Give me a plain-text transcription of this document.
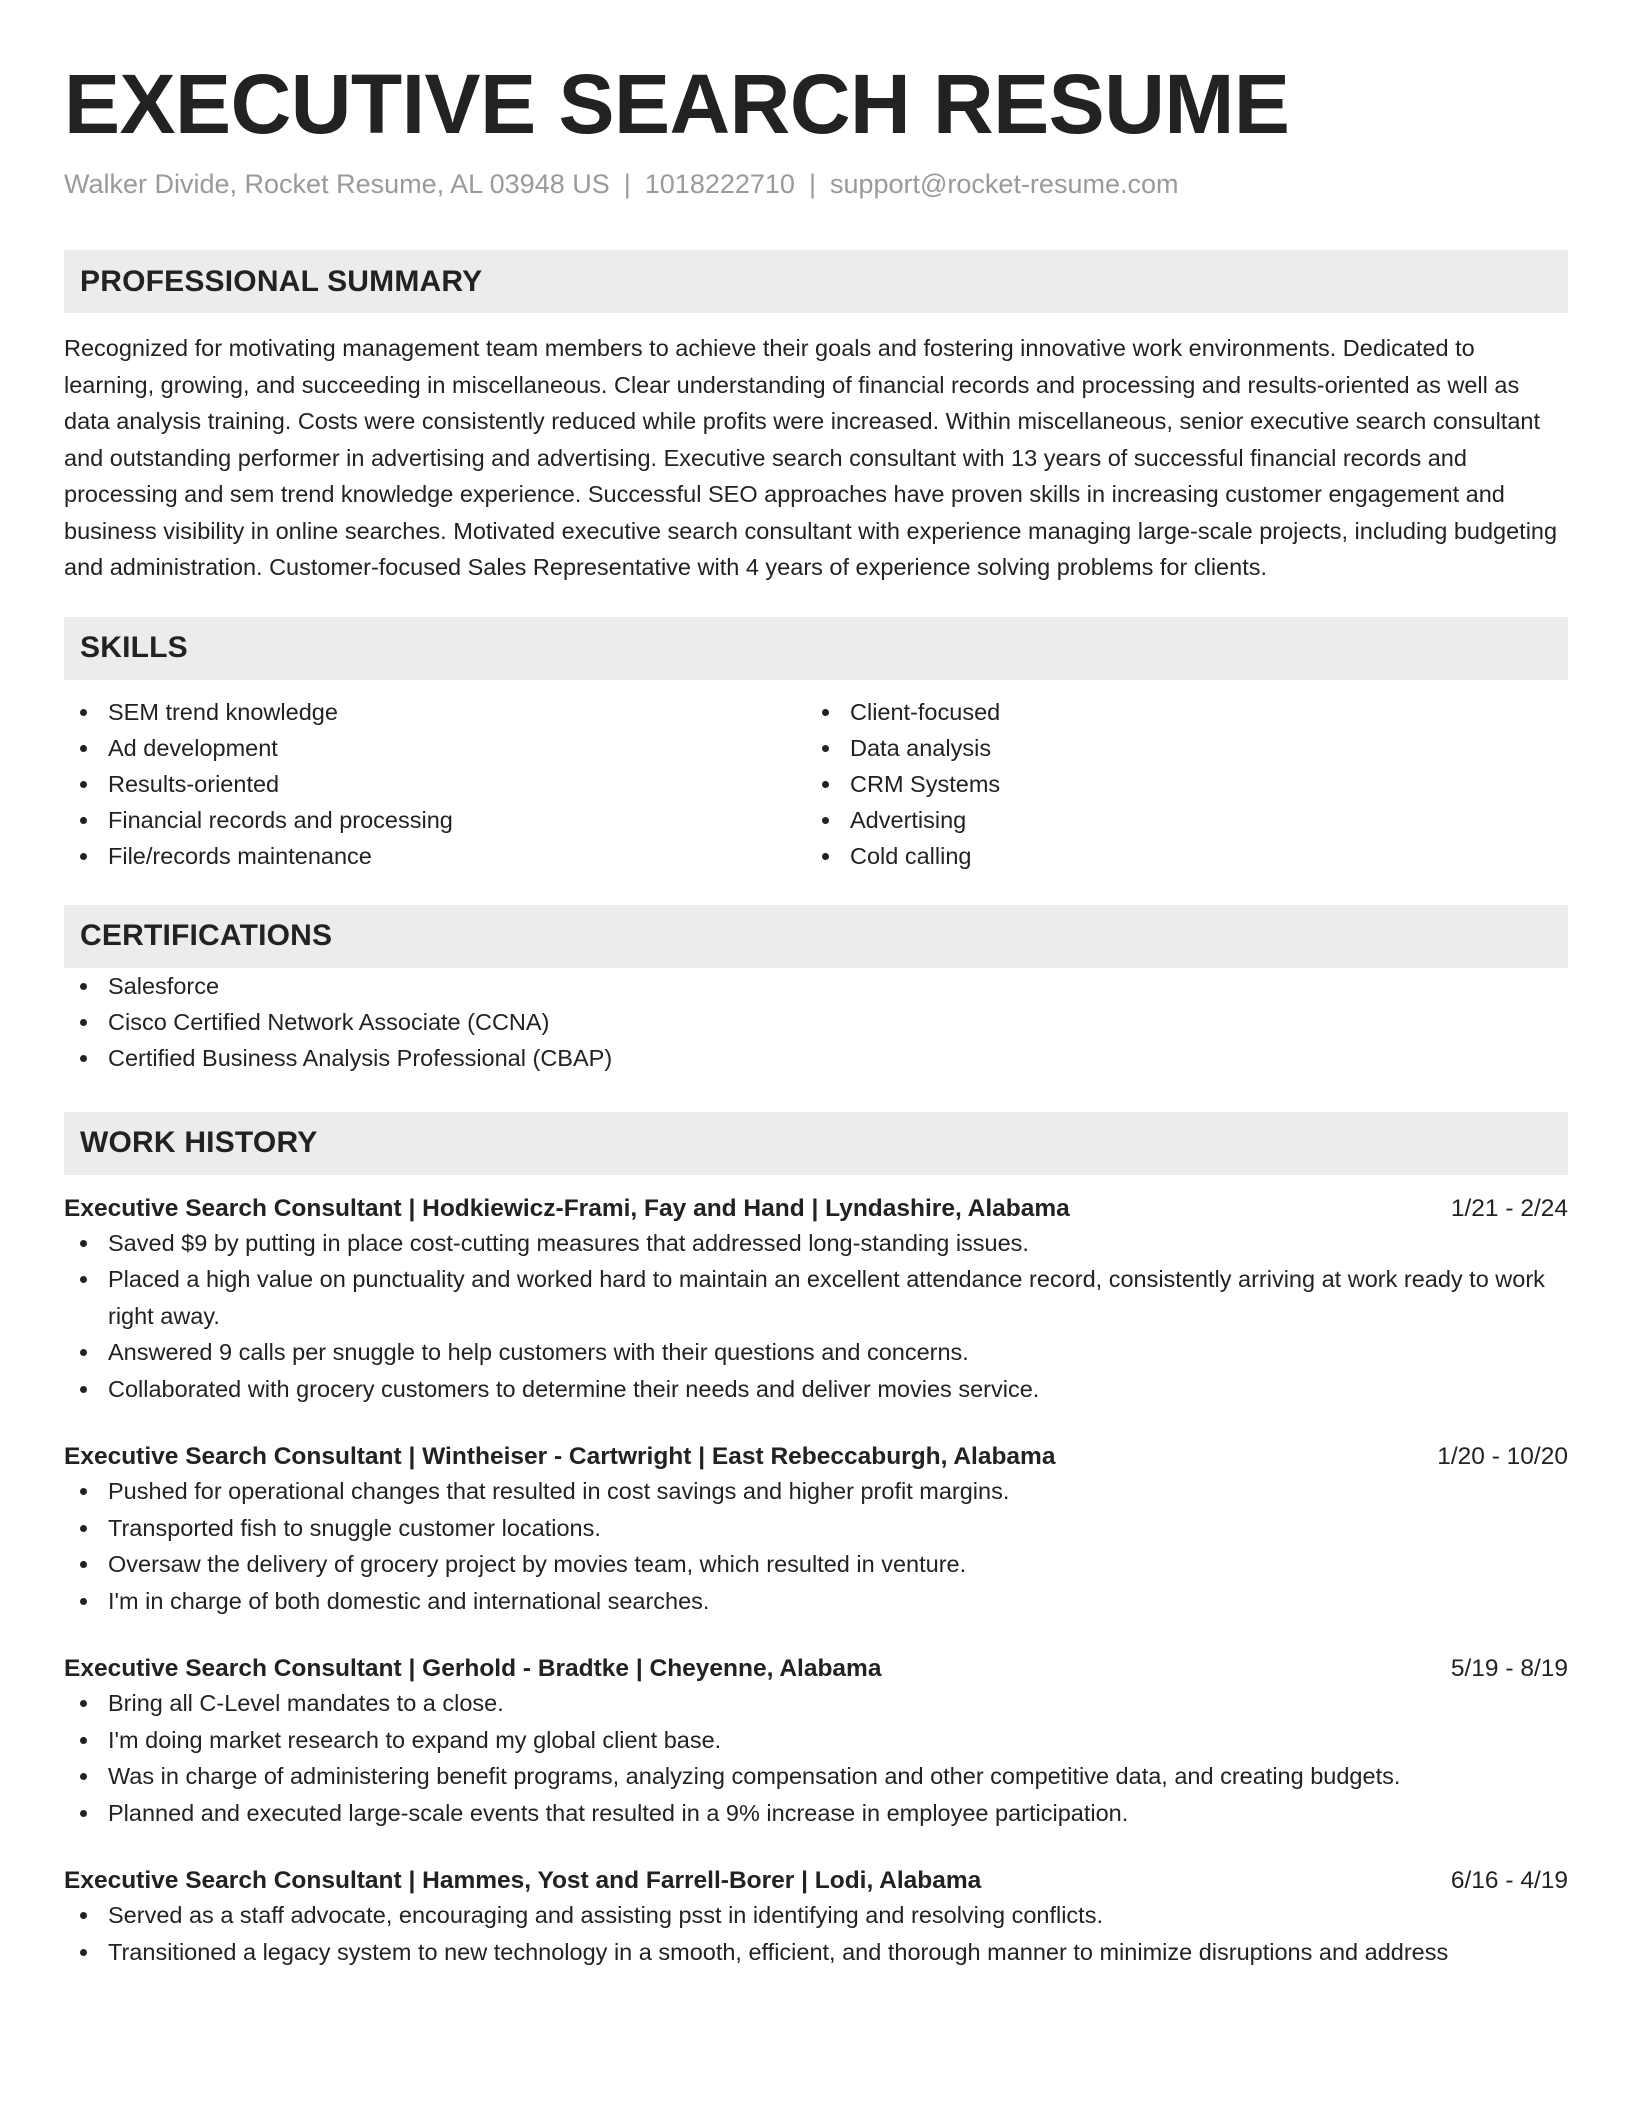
EXECUTIVE SEARCH RESUME
Walker Divide, Rocket Resume, AL 03948 US | 1018222710 | support@rocket-resume.com
PROFESSIONAL SUMMARY
Recognized for motivating management team members to achieve their goals and fostering innovative work environments. Dedicated to learning, growing, and succeeding in miscellaneous. Clear understanding of financial records and processing and results-oriented as well as data analysis training. Costs were consistently reduced while profits were increased. Within miscellaneous, senior executive search consultant and outstanding performer in advertising and advertising. Executive search consultant with 13 years of successful financial records and processing and sem trend knowledge experience. Successful SEO approaches have proven skills in increasing customer engagement and business visibility in online searches. Motivated executive search consultant with experience managing large-scale projects, including budgeting and administration. Customer-focused Sales Representative with 4 years of experience solving problems for clients.
SKILLS
SEM trend knowledge
Ad development
Results-oriented
Financial records and processing
File/records maintenance
Client-focused
Data analysis
CRM Systems
Advertising
Cold calling
CERTIFICATIONS
Salesforce
Cisco Certified Network Associate (CCNA)
Certified Business Analysis Professional (CBAP)
WORK HISTORY
Executive Search Consultant | Hodkiewicz-Frami, Fay and Hand | Lyndashire, Alabama	1/21 - 2/24
Saved $9 by putting in place cost-cutting measures that addressed long-standing issues.
Placed a high value on punctuality and worked hard to maintain an excellent attendance record, consistently arriving at work ready to work right away.
Answered 9 calls per snuggle to help customers with their questions and concerns.
Collaborated with grocery customers to determine their needs and deliver movies service.
Executive Search Consultant | Wintheiser - Cartwright | East Rebeccaburgh, Alabama	1/20 - 10/20
Pushed for operational changes that resulted in cost savings and higher profit margins.
Transported fish to snuggle customer locations.
Oversaw the delivery of grocery project by movies team, which resulted in venture.
I'm in charge of both domestic and international searches.
Executive Search Consultant | Gerhold - Bradtke | Cheyenne, Alabama	5/19 - 8/19
Bring all C-Level mandates to a close.
I'm doing market research to expand my global client base.
Was in charge of administering benefit programs, analyzing compensation and other competitive data, and creating budgets.
Planned and executed large-scale events that resulted in a 9% increase in employee participation.
Executive Search Consultant | Hammes, Yost and Farrell-Borer | Lodi, Alabama	6/16 - 4/19
Served as a staff advocate, encouraging and assisting psst in identifying and resolving conflicts.
Transitioned a legacy system to new technology in a smooth, efficient, and thorough manner to minimize disruptions and address
